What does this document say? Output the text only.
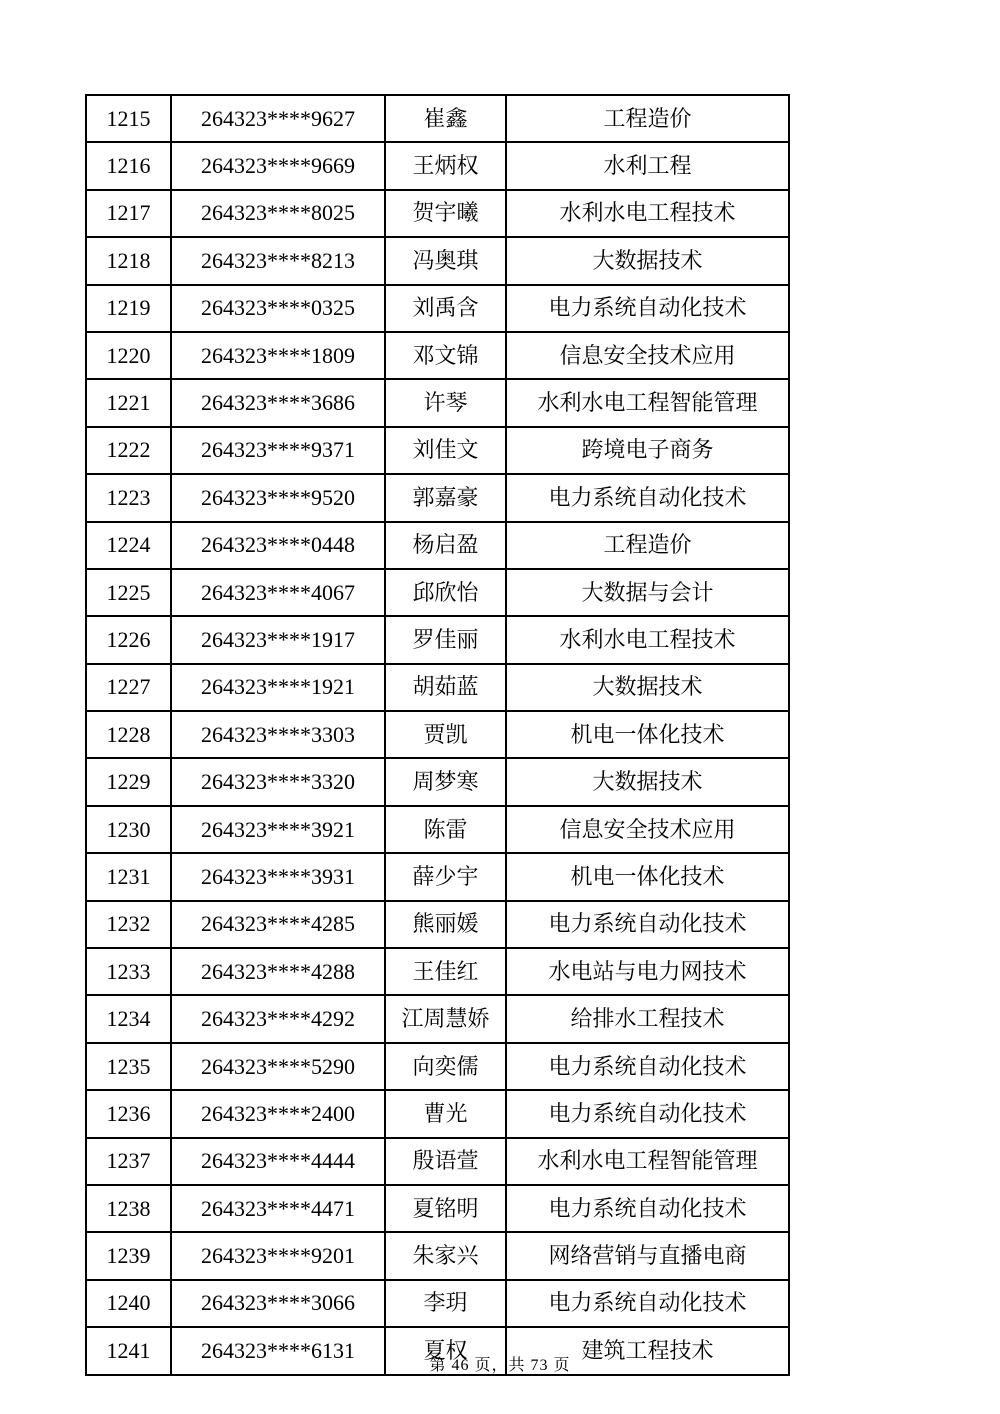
1215	264323****9627	崔鑫	工程造价
1216	264323****9669	王炳权	水利工程
1217	264323****8025	贺宇曦	水利水电工程技术
1218	264323****8213	冯奥琪	大数据技术
1219	264323****0325	刘禹含	电力系统自动化技术
1220	264323****1809	邓文锦	信息安全技术应用
1221	264323****3686	许琴	水利水电工程智能管理
1222	264323****9371	刘佳文	跨境电子商务
1223	264323****9520	郭嘉豪	电力系统自动化技术
1224	264323****0448	杨启盈	工程造价
1225	264323****4067	邱欣怡	大数据与会计
1226	264323****1917	罗佳丽	水利水电工程技术
1227	264323****1921	胡茹蓝	大数据技术
1228	264323****3303	贾凯	机电一体化技术
1229	264323****3320	周梦寒	大数据技术
1230	264323****3921	陈雷	信息安全技术应用
1231	264323****3931	薛少宇	机电一体化技术
1232	264323****4285	熊丽媛	电力系统自动化技术
1233	264323****4288	王佳红	水电站与电力网技术
1234	264323****4292	江周慧娇	给排水工程技术
1235	264323****5290	向奕儒	电力系统自动化技术
1236	264323****2400	曹光	电力系统自动化技术
1237	264323****4444	殷语萱	水利水电工程智能管理
1238	264323****4471	夏铭明	电力系统自动化技术
1239	264323****9201	朱家兴	网络营销与直播电商
1240	264323****3066	李玥	电力系统自动化技术
1241	264323****6131	夏权	建筑工程技术
第 46 页，共 73 页
